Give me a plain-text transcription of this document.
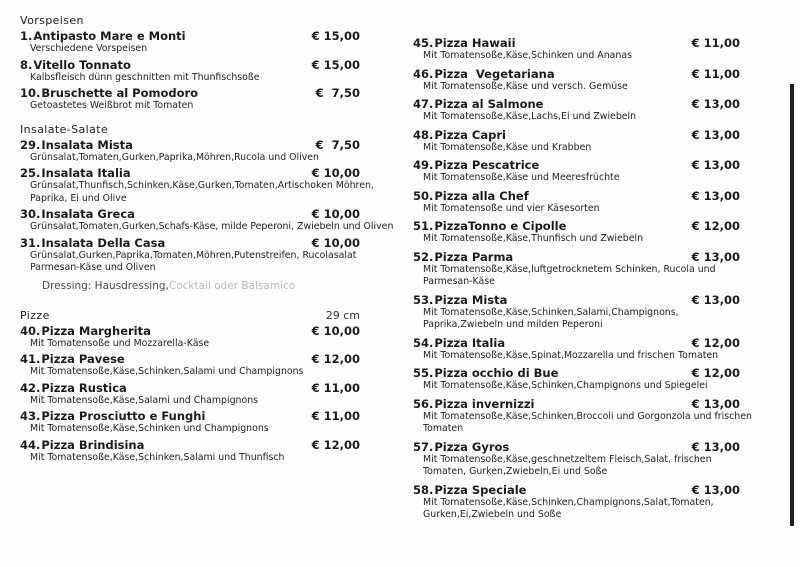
Vorspeisen
1. Antipasto Mare e Monti	€ 15,00
Verschiedene Vorspeisen
8. Vitello Tonnato	€ 15,00
Kalbsfleisch dünn geschnitten mit Thunfischsoße
10. Bruschette al Pomodoro	€  7,50
Getoastetes Weißbrot mit Tomaten
Insalate-Salate
29. Insalata Mista	€  7,50
Grünsalat,Tomaten,Gurken,Paprika,Möhren,Rucola und Oliven
25. Insalata Italia	€ 10,00
Grünsalat,Thunfisch,Schinken,Käse,Gurken,Tomaten,Artischoken Möhren, Paprika, Ei und Olive
30. Insalata Greca	€ 10,00
Grünsalat,Tomaten,Gurken,Schafs-Käse, milde Peperoni, Zwiebeln und Oliven
31. Insalata Della Casa	€ 10,00
Grünsalat,Gurken,Paprika,Tomaten,Möhren,Putenstreifen, Rucolasalat Parmesan-Käse und Oliven
Dressing: Hausdressing,Cocktail oder Balsamico
Pizze	29 cm
40. Pizza Margherita	€ 10,00
Mit Tomatensoße und Mozzarella-Käse
41. Pizza Pavese	€ 12,00
Mit Tomatensoße,Käse,Schinken,Salami und Champignons
42. Pizza Rustica	€ 11,00
Mit Tomatensoße,Käse,Salami und Champignons
43. Pizza Prosciutto e Funghi	€ 11,00
Mit Tomatensoße,Käse,Schinken und Champignons
44. Pizza Brindisina	€ 12,00
Mit Tomatensoße,Käse,Schinken,Salami und Thunfisch
45. Pizza Hawaii	€ 11,00
Mit Tomatensoße,Käse,Schinken und Ananas
46. Pizza  Vegetariana	€ 11,00
Mit Tomatensoße,Käse und versch. Gemüse
47. Pizza al Salmone	€ 13,00
Mit Tomatensoße,Käse,Lachs,Ei und Zwiebeln
48. Pizza Capri	€ 13,00
Mit Tomatensoße,Käse und Krabben
49. Pizza Pescatrice	€ 13,00
Mit Tomatensoße,Käse und Meeresfrüchte
50. Pizza alla Chef	€ 13,00
Mit Tomatensoße und vier Käsesorten
51. PizzaTonno e Cipolle	€ 12,00
Mit Tomatensoße,Käse,Thunfisch und Zwiebeln
52. Pizza Parma	€ 13,00
Mit Tomatensoße,Käse,luftgetrocknetem Schinken, Rucola und Parmesan-Käse
53. Pizza Mista	€ 13,00
Mit Tomatensoße,Käse,Schinken,Salami,Champignons, Paprika,Zwiebeln und milden Peperoni
54. Pizza Italia	€ 12,00
Mit Tomatensoße,Käse,Spinat,Mozzarella und frischen Tomaten
55. Pizza occhio di Bue	€ 12,00
Mit Tomatensoße,Käse,Schinken,Champignons und Spiegelei
56. Pizza invernizzi	€ 13,00
Mit Tomatensoße,Käse,Schinken,Broccoli und Gorgonzola und frischen Tomaten
57. Pizza Gyros	€ 13,00
Mit Tomatensoße,Käse,geschnetzeltem Fleisch,Salat, frischen Tomaten, Gurken,Zwiebeln,Ei und Soße
58. Pizza Speciale	€ 13,00
Mit Tomatensoße,Käse,Schinken,Champignons,Salat,Tomaten, Gurken,Ei,Zwiebeln und Soße
